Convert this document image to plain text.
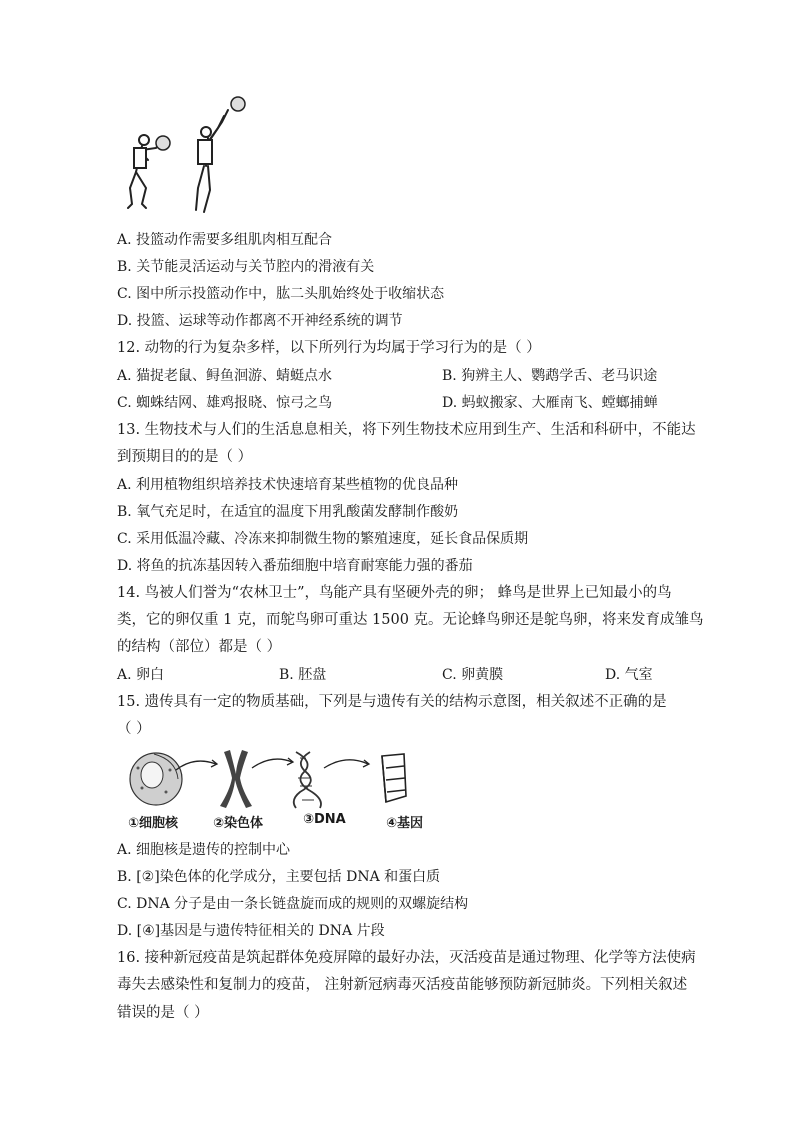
A. 投篮动作需要多组肌肉相互配合
B. 关节能灵活运动与关节腔内的滑液有关
C. 图中所示投篮动作中，肱二头肌始终处于收缩状态
D. 投篮、运球等动作都离不开神经系统的调节
12. 动物的行为复杂多样，以下所列行为均属于学习行为的是（ ）
A. 猫捉老鼠、鲟鱼洄游、蜻蜓点水	B. 狗辨主人、鹦鹉学舌、老马识途
C. 蜘蛛结网、雄鸡报晓、惊弓之鸟	D. 蚂蚁搬家、大雁南飞、螳螂捕蝉
13. 生物技术与人们的生活息息相关，将下列生物技术应用到生产、生活和科研中，不能达
到预期目的的是（ ）
A. 利用植物组织培养技术快速培育某些植物的优良品种
B. 氧气充足时，在适宜的温度下用乳酸菌发酵制作酸奶
C. 采用低温冷藏、冷冻来抑制微生物的繁殖速度，延长食品保质期
D. 将鱼的抗冻基因转入番茄细胞中培育耐寒能力强的番茄
14. 鸟被人们誉为“农林卫士”，鸟能产具有坚硬外壳的卵； 蜂鸟是世界上已知最小的鸟
类，它的卵仅重 1 克，而鸵鸟卵可重达 1500 克。无论蜂鸟卵还是鸵鸟卵，将来发育成雏鸟
的结构（部位）都是（ ）
A. 卵白	B. 胚盘	C. 卵黄膜	D. 气室
15. 遗传具有一定的物质基础，下列是与遗传有关的结构示意图，相关叙述不正确的是
（ ）
①细胞核	②染色体	③DNA	④基因
A. 细胞核是遗传的控制中心
B. [②]染色体的化学成分，主要包括 DNA 和蛋白质
C. DNA 分子是由一条长链盘旋而成的规则的双螺旋结构
D. [④]基因是与遗传特征相关的 DNA 片段
16. 接种新冠疫苗是筑起群体免疫屏障的最好办法，灭活疫苗是通过物理、化学等方法使病
毒失去感染性和复制力的疫苗， 注射新冠病毒灭活疫苗能够预防新冠肺炎。下列相关叙述
错误的是（ ）
